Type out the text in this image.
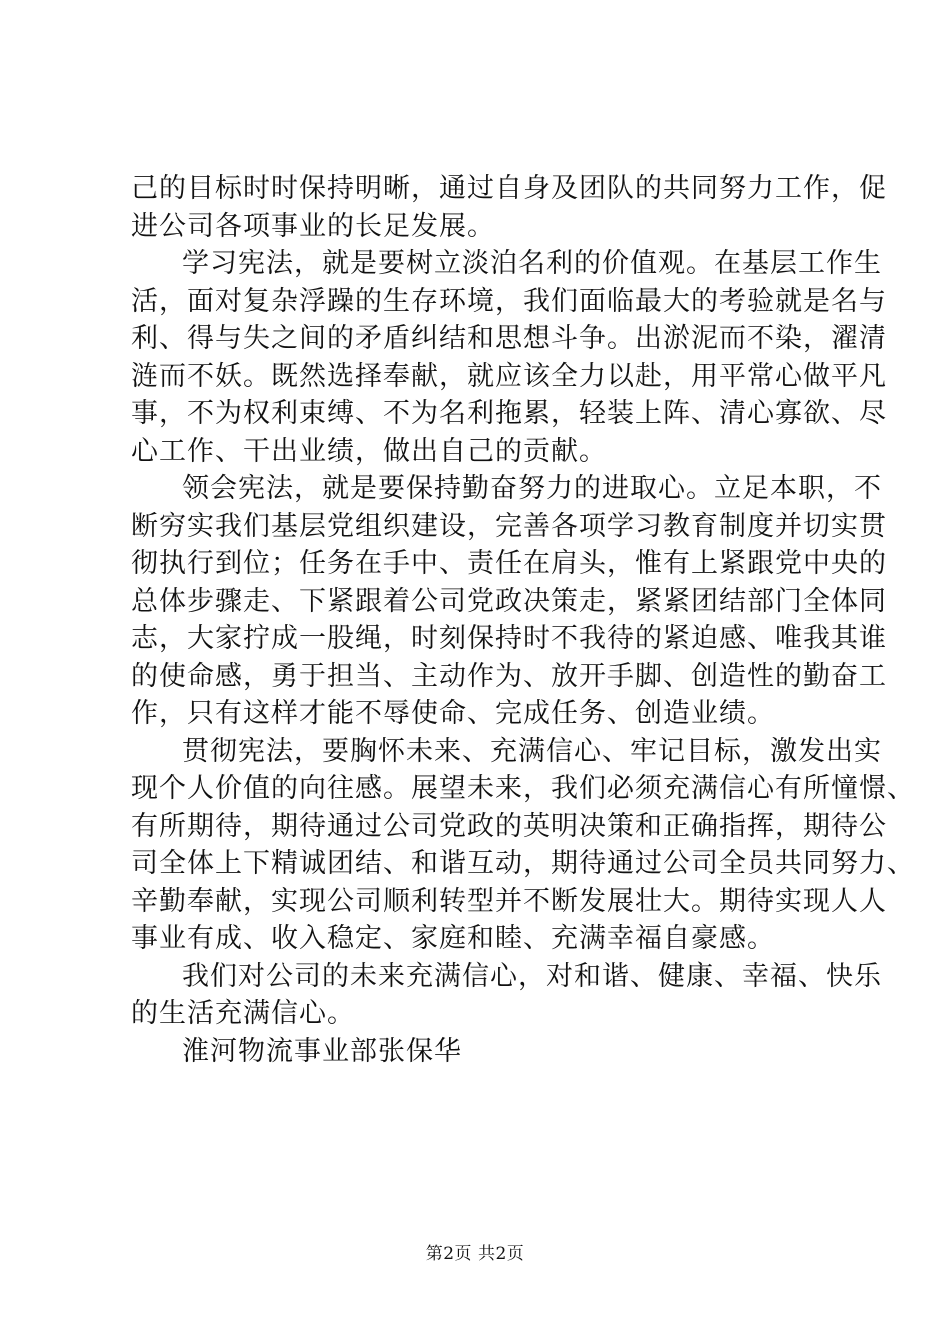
己的目标时时保持明晰，通过自身及团队的共同努力工作，促
进公司各项事业的长足发展。
学习宪法，就是要树立淡泊名利的价值观。在基层工作生
活，面对复杂浮躁的生存环境，我们面临最大的考验就是名与
利、得与失之间的矛盾纠结和思想斗争。出淤泥而不染，濯清
涟而不妖。既然选择奉献，就应该全力以赴，用平常心做平凡
事，不为权利束缚、不为名利拖累，轻装上阵、清心寡欲、尽
心工作、干出业绩，做出自己的贡献。
领会宪法，就是要保持勤奋努力的进取心。立足本职，不
断穷实我们基层党组织建设，完善各项学习教育制度并切实贯
彻执行到位；任务在手中、责任在肩头，惟有上紧跟党中央的
总体步骤走、下紧跟着公司党政决策走，紧紧团结部门全体同
志，大家拧成一股绳，时刻保持时不我待的紧迫感、唯我其谁
的使命感，勇于担当、主动作为、放开手脚、创造性的勤奋工
作，只有这样才能不辱使命、完成任务、创造业绩。
贯彻宪法，要胸怀未来、充满信心、牢记目标，激发出实
现个人价值的向往感。展望未来，我们必须充满信心有所憧憬、
有所期待，期待通过公司党政的英明决策和正确指挥，期待公
司全体上下精诚团结、和谐互动，期待通过公司全员共同努力、
辛勤奉献，实现公司顺利转型并不断发展壮大。期待实现人人
事业有成、收入稳定、家庭和睦、充满幸福自豪感。
我们对公司的未来充满信心，对和谐、健康、幸福、快乐
的生活充满信心。
淮河物流事业部张保华
第2页 共2页
